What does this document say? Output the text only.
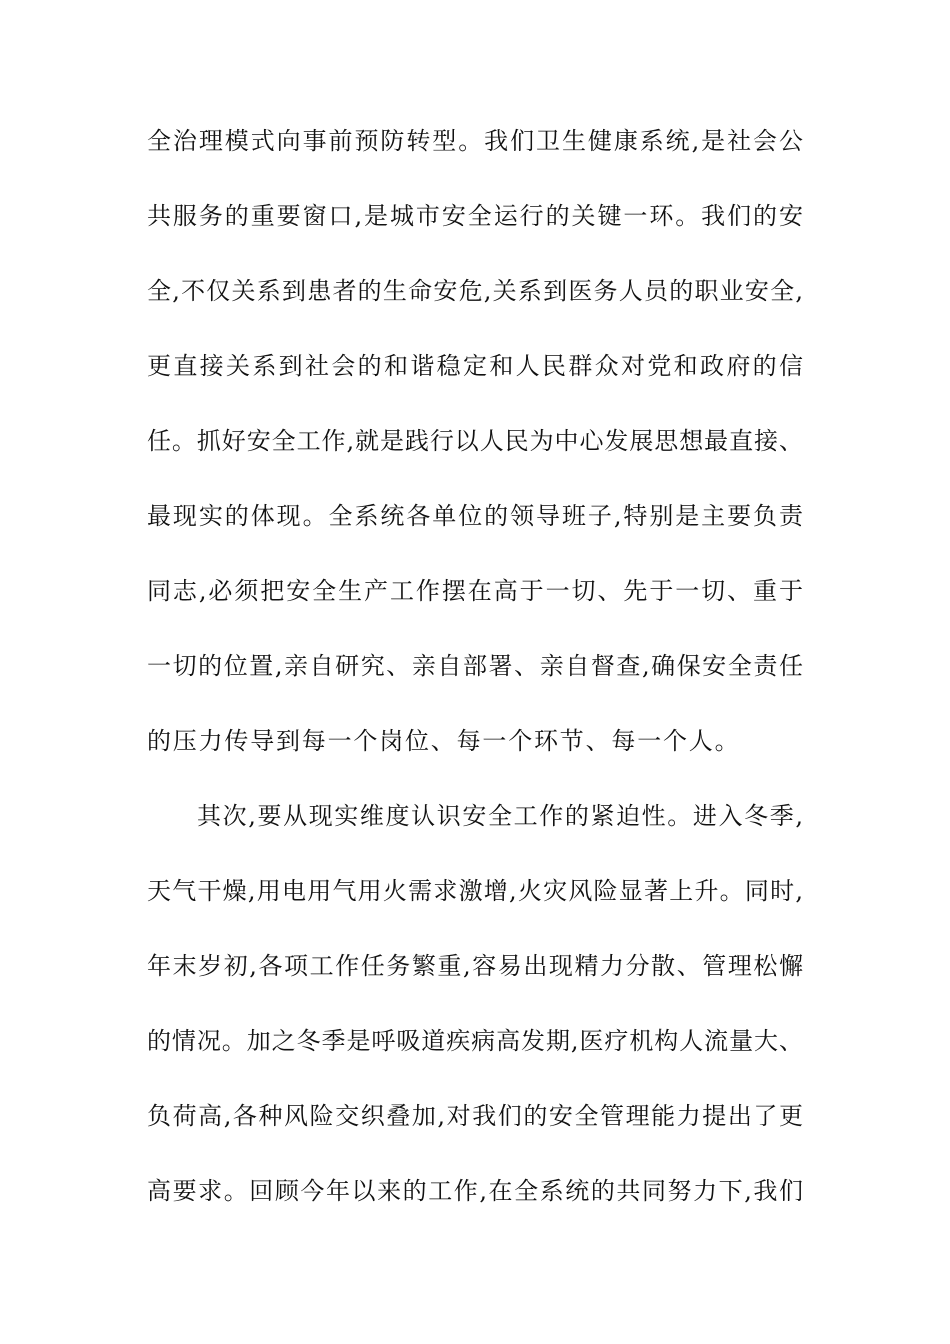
全治理模式向事前预防转型。我们卫生健康系统,是社会公
共服务的重要窗口,是城市安全运行的关键一环。我们的安
全,不仅关系到患者的生命安危,关系到医务人员的职业安全,
更直接关系到社会的和谐稳定和人民群众对党和政府的信
任。抓好安全工作,就是践行以人民为中心发展思想最直接、
最现实的体现。全系统各单位的领导班子,特别是主要负责
同志,必须把安全生产工作摆在高于一切、先于一切、重于
一切的位置,亲自研究、亲自部署、亲自督查,确保安全责任
的压力传导到每一个岗位、每一个环节、每一个人。
其次,要从现实维度认识安全工作的紧迫性。进入冬季,
天气干燥,用电用气用火需求激增,火灾风险显著上升。同时,
年末岁初,各项工作任务繁重,容易出现精力分散、管理松懈
的情况。加之冬季是呼吸道疾病高发期,医疗机构人流量大、
负荷高,各种风险交织叠加,对我们的安全管理能力提出了更
高要求。回顾今年以来的工作,在全系统的共同努力下,我们
